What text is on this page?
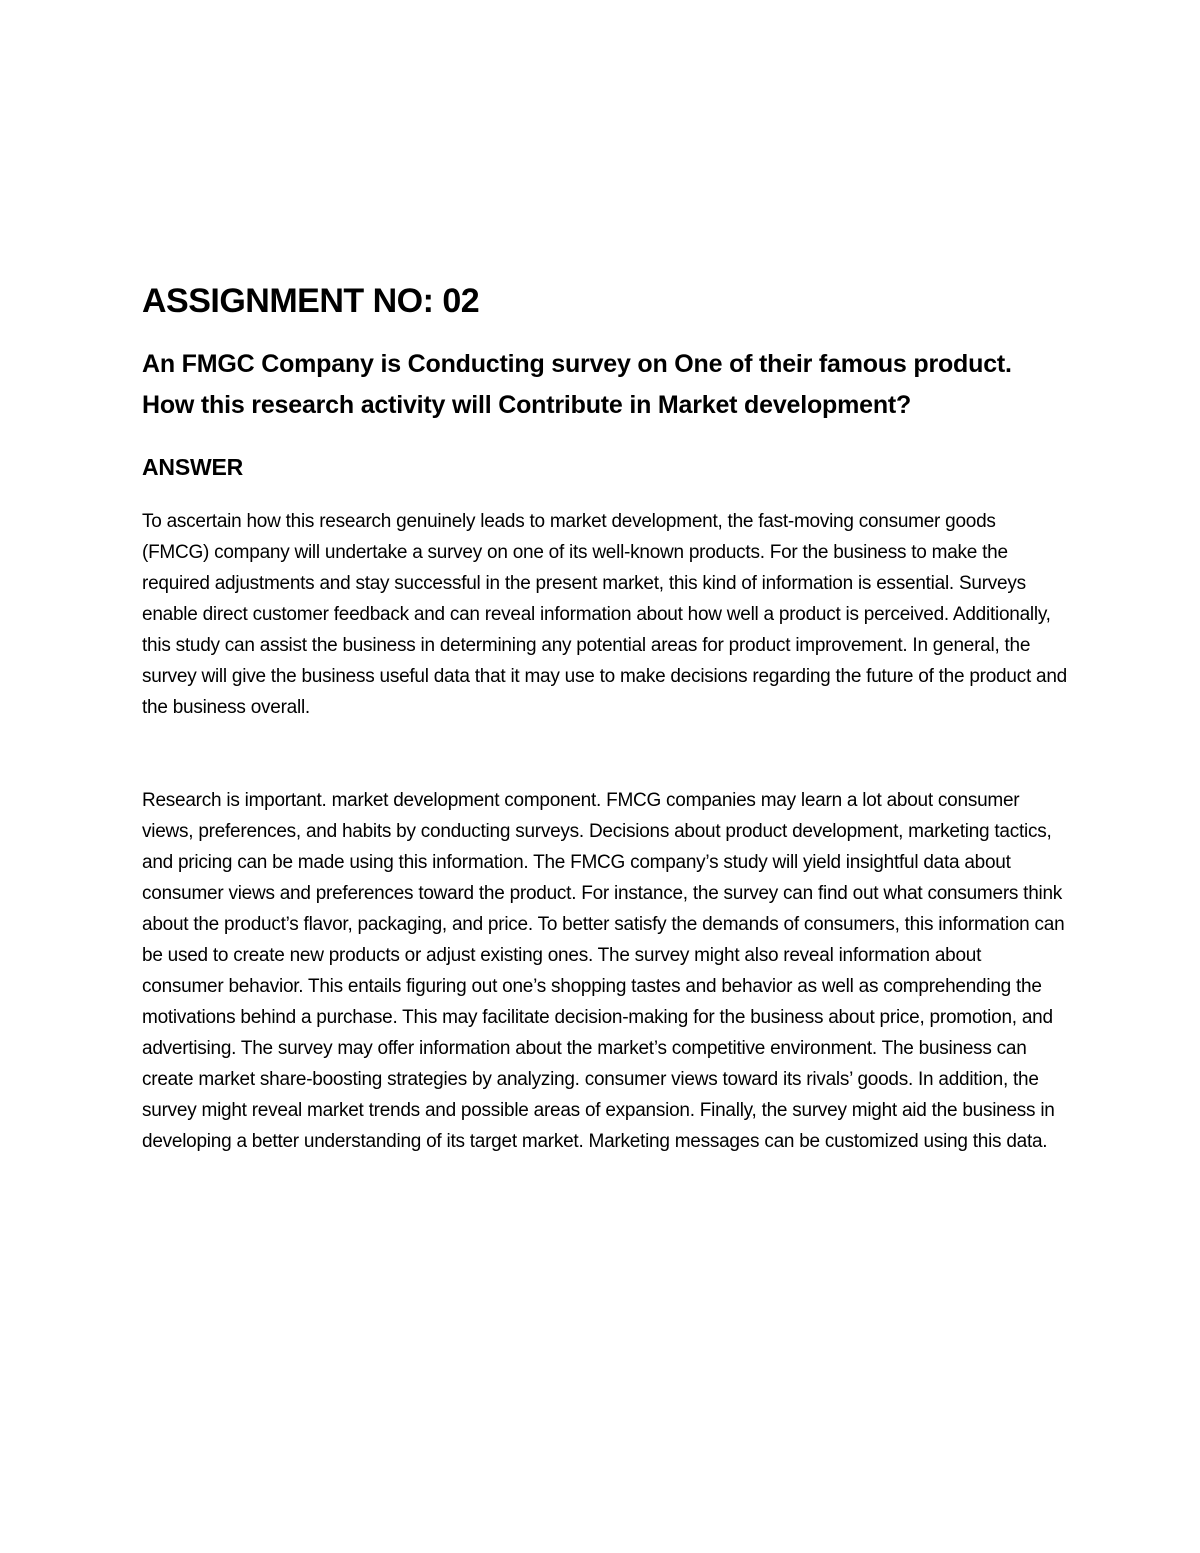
ASSIGNMENT NO: 02
An FMGC Company is Conducting survey on One of their famous product. How this research activity will Contribute in Market development?
ANSWER

To ascertain how this research genuinely leads to market development, the fast-moving consumer goods (FMCG) company will undertake a survey on one of its well-known products. For the business to make the required adjustments and stay successful in the present market, this kind of information is essential. Surveys enable direct customer feedback and can reveal information about how well a product is perceived. Additionally, this study can assist the business in determining any potential areas for product improvement. In general, the survey will give the business useful data that it may use to make decisions regarding the future of the product and the business overall.

Research is important. market development component. FMCG companies may learn a lot about consumer views, preferences, and habits by conducting surveys. Decisions about product development, marketing tactics, and pricing can be made using this information. The FMCG company’s study will yield insightful data about consumer views and preferences toward the product. For instance, the survey can find out what consumers think about the product’s flavor, packaging, and price. To better satisfy the demands of consumers, this information can be used to create new products or adjust existing ones. The survey might also reveal information about consumer behavior. This entails figuring out one’s shopping tastes and behavior as well as comprehending the motivations behind a purchase. This may facilitate decision-making for the business about price, promotion, and advertising. The survey may offer information about the market’s competitive environment. The business can create market share-boosting strategies by analyzing. consumer views toward its rivals’ goods. In addition, the survey might reveal market trends and possible areas of expansion. Finally, the survey might aid the business in developing a better understanding of its target market. Marketing messages can be customized using this data.
